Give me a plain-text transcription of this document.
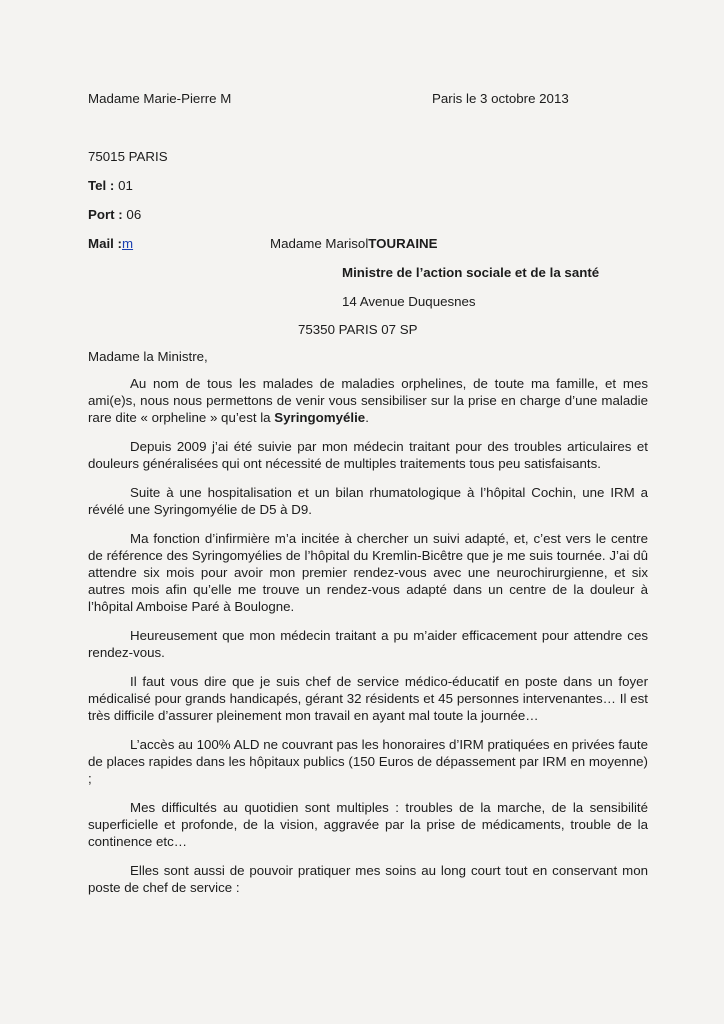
Madame Marie-Pierre M	Paris le 3 octobre 2013
75015 PARIS
Tel : 01
Port : 06
Mail :m	Madame MarisolTOURAINE
Ministre de l’action sociale et de la santé
14 Avenue Duquesnes
75350 PARIS 07 SP

Madame la Ministre,

Au nom de tous les malades de maladies orphelines, de toute ma famille, et mes ami(e)s, nous nous permettons de venir vous sensibiliser sur la prise en charge d’une maladie rare dite « orpheline » qu’est la Syringomyélie.

Depuis 2009 j’ai été suivie par mon médecin traitant pour des troubles articulaires et douleurs généralisées qui ont nécessité de multiples traitements tous peu satisfaisants.

Suite à une hospitalisation et un bilan rhumatologique à l’hôpital Cochin, une IRM a révélé une Syringomyélie de D5 à D9.

Ma fonction d’infirmière m’a incitée à chercher un suivi adapté, et, c’est vers le centre de référence des Syringomyélies de l’hôpital du Kremlin-Bicêtre que je me suis tournée. J’ai dû attendre six mois pour avoir mon premier rendez-vous avec une neurochirurgienne, et six autres mois afin qu’elle me trouve un rendez-vous adapté dans un centre de la douleur à l’hôpital Amboise Paré à Boulogne.

Heureusement que mon médecin traitant a pu m’aider efficacement pour attendre ces rendez-vous.

Il faut vous dire que je suis chef de service médico-éducatif en poste dans un foyer médicalisé pour grands handicapés, gérant 32 résidents et 45 personnes intervenantes… Il est très difficile d’assurer pleinement mon travail en ayant mal toute la journée…

L’accès au 100% ALD ne couvrant pas les honoraires d’IRM pratiquées en privées faute de places rapides dans les hôpitaux publics (150 Euros de dépassement par IRM en moyenne) ;

Mes difficultés au quotidien sont multiples : troubles de la marche, de la sensibilité superficielle et profonde, de la vision, aggravée par la prise de médicaments, trouble de la continence etc…

Elles sont aussi de pouvoir pratiquer mes soins au long court tout en conservant mon poste de chef de service :
